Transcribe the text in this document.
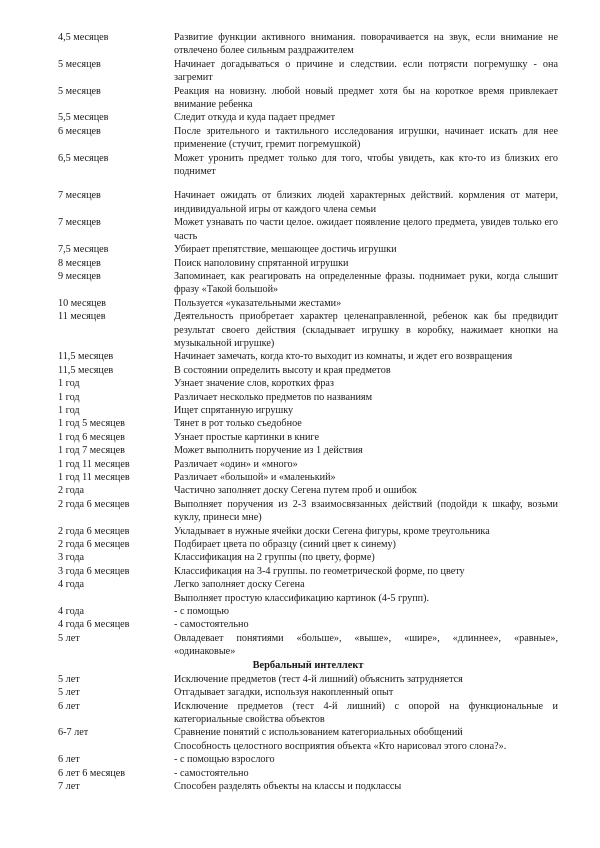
4,5 месяцев	Развитие функции активного внимания. поворачивается на звук, если внимание не отвлечено более сильным раздражителем
5 месяцев	Начинает догадываться о причине и следствии. если потрясти погремушку - она загремит
5 месяцев	Реакция на новизну. любой новый предмет хотя бы на короткое время привлекает внимание ребенка
5,5 месяцев	Следит откуда и куда падает предмет
6 месяцев	После зрительного и тактильного исследования игрушки, начинает искать для нее применение (стучит, гремит погремушкой)
6,5 месяцев	Может уронить предмет только для того, чтобы увидеть, как кто-то из близких его поднимет

7 месяцев	Начинает ожидать от близких людей характерных действий. кормления от матери, индивидуальной игры от каждого члена семьи
7 месяцев	Может узнавать по части целое. ожидает появление целого предмета, увидев только его часть
7,5 месяцев	Убирает препятствие, мешающее достичь игрушки
8 месяцев	Поиск наполовину спрятанной игрушки
9 месяцев	Запоминает, как реагировать на определенные фразы. поднимает руки, когда слышит фразу «Такой большой»
10 месяцев	Пользуется «указательными жестами»
11 месяцев	Деятельность приобретает характер целенаправленной, ребенок как бы предвидит результат своего действия (складывает игрушку в коробку, нажимает кнопки на музыкальной игрушке)
11,5 месяцев	Начинает замечать, когда кто-то выходит из комнаты, и ждет его возвращения
11,5 месяцев	В состоянии определить высоту и края предметов
1 год	Узнает значение слов, коротких фраз
1 год	Различает несколько предметов по названиям
1 год	Ищет спрятанную игрушку
1 год 5 месяцев	Тянет в рот только съедобное
1 год 6 месяцев	Узнает простые картинки в книге
1 год 7 месяцев	Может выполнить поручение из 1 действия
1 год 11 месяцев	Различает «один» и «много»
1 год 11 месяцев	Различает «большой» и «маленький»
2 года	Частично заполняет доску Сегена путем проб и ошибок
2 года 6 месяцев	Выполняет поручения из 2-3 взаимосвязанных действий (подойди к шкафу, возьми куклу, принеси мне)
2 года 6 месяцев	Укладывает в нужные ячейки доски Сегена фигуры, кроме треугольника
2 года 6 месяцев	Подбирает цвета по образцу (синий цвет к синему)
3 года	Классификация на 2 группы (по цвету, форме)
3 года 6 месяцев	Классификация на 3-4 группы. по геометрической форме, по цвету
4 года	Легко заполняет доску Сегена
	Выполняет простую классификацию картинок (4-5 групп).
4 года	- с помощью
4 года 6 месяцев	- самостоятельно
5 лет	Овладевает понятиями «больше», «выше», «шире», «длиннее», «равные», «одинаковые»
Вербальный интеллект	
5 лет	Исключение предметов (тест 4-й лишний) объяснить затрудняется
5 лет	Отгадывает загадки, используя накопленный опыт
6 лет	Исключение предметов (тест 4-й лишний) с опорой на функциональные и категориальные свойства объектов
6-7 лет	Сравнение понятий с использованием категориальных обобщений
	Способность целостного восприятия объекта «Кто нарисовал этого слона?».
6 лет	- с помощью взрослого
6 лет 6 месяцев	- самостоятельно
7 лет	Способен разделять объекты на классы и подклассы
